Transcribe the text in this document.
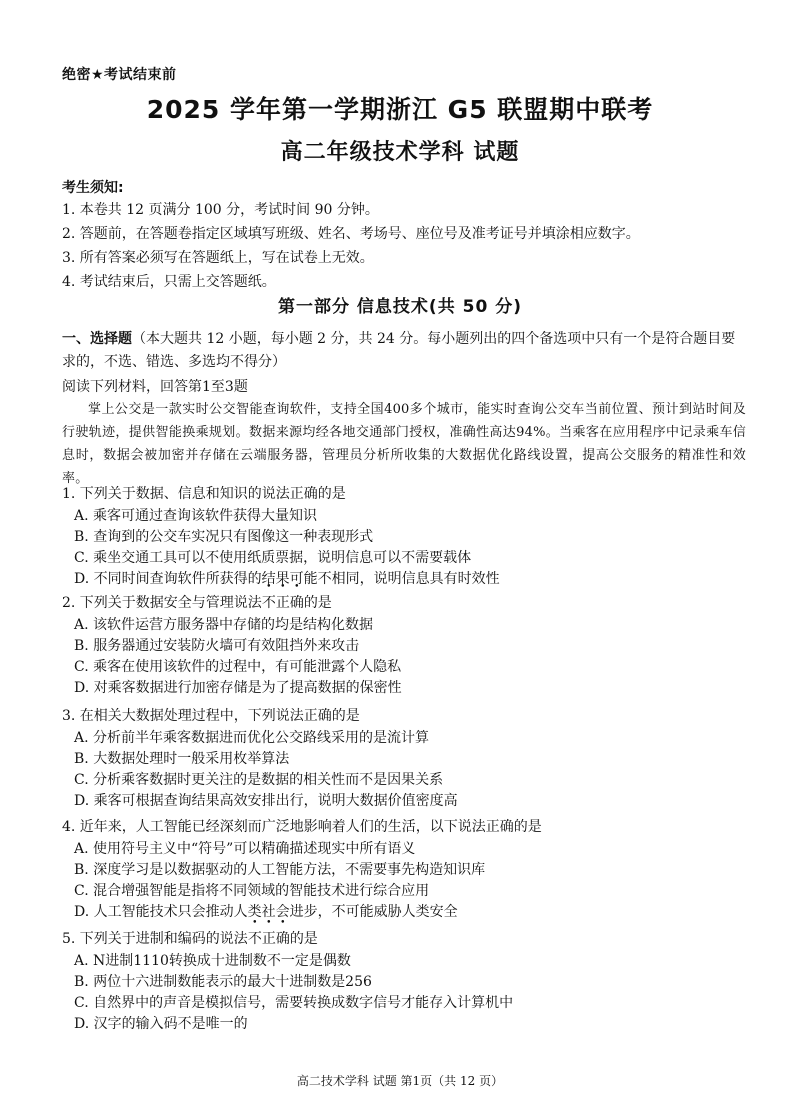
绝密★考试结束前
2025 学年第一学期浙江 G5 联盟期中联考
高二年级技术学科 试题
考生须知:
1. 本卷共 12 页满分 100 分，考试时间 90 分钟。
2. 答题前，在答题卷指定区域填写班级、姓名、考场号、座位号及准考证号并填涂相应数字。
3. 所有答案必须写在答题纸上，写在试卷上无效。
4. 考试结束后，只需上交答题纸。
第一部分 信息技术(共 50 分)
一、选择题（本大题共 12 小题，每小题 2 分，共 24 分。每小题列出的四个备选项中只有一个是符合题目要求的，不选、错选、多选均不得分）
阅读下列材料，回答第1至3题
掌上公交是一款实时公交智能查询软件，支持全国400多个城市，能实时查询公交车当前位置、预计到站时间及行驶轨迹，提供智能换乘规划。数据来源均经各地交通部门授权，准确性高达94%。当乘客在应用程序中记录乘车信息时，数据会被加密并存储在云端服务器，管理员分析所收集的大数据优化路线设置，提高公交服务的精准性和效率。
1. 下列关于数据、信息和知识的说法正确的是
A. 乘客可通过查询该软件获得大量知识
B. 查询到的公交车实况只有图像这一种表现形式
C. 乘坐交通工具可以不使用纸质票据，说明信息可以不需要载体
D. 不同时间查询软件所获得的结果可能不相同，说明信息具有时效性
2. 下列关于数据安全与管理说法不正确的是
A. 该软件运营方服务器中存储的均是结构化数据
B. 服务器通过安装防火墙可有效阻挡外来攻击
C. 乘客在使用该软件的过程中，有可能泄露个人隐私
D. 对乘客数据进行加密存储是为了提高数据的保密性
3. 在相关大数据处理过程中，下列说法正确的是
A. 分析前半年乘客数据进而优化公交路线采用的是流计算
B. 大数据处理时一般采用枚举算法
C. 分析乘客数据时更关注的是数据的相关性而不是因果关系
D. 乘客可根据查询结果高效安排出行，说明大数据价值密度高
4. 近年来，人工智能已经深刻而广泛地影响着人们的生活，以下说法正确的是
A. 使用符号主义中“符号”可以精确描述现实中所有语义
B. 深度学习是以数据驱动的人工智能方法，不需要事先构造知识库
C. 混合增强智能是指将不同领域的智能技术进行综合应用
D. 人工智能技术只会推动人类社会进步，不可能威胁人类安全
5. 下列关于进制和编码的说法不正确的是
A. N进制1110转换成十进制数不一定是偶数
B. 两位十六进制数能表示的最大十进制数是256
C. 自然界中的声音是模拟信号，需要转换成数字信号才能存入计算机中
D. 汉字的输入码不是唯一的
高二技术学科 试题 第1页（共 12 页）
